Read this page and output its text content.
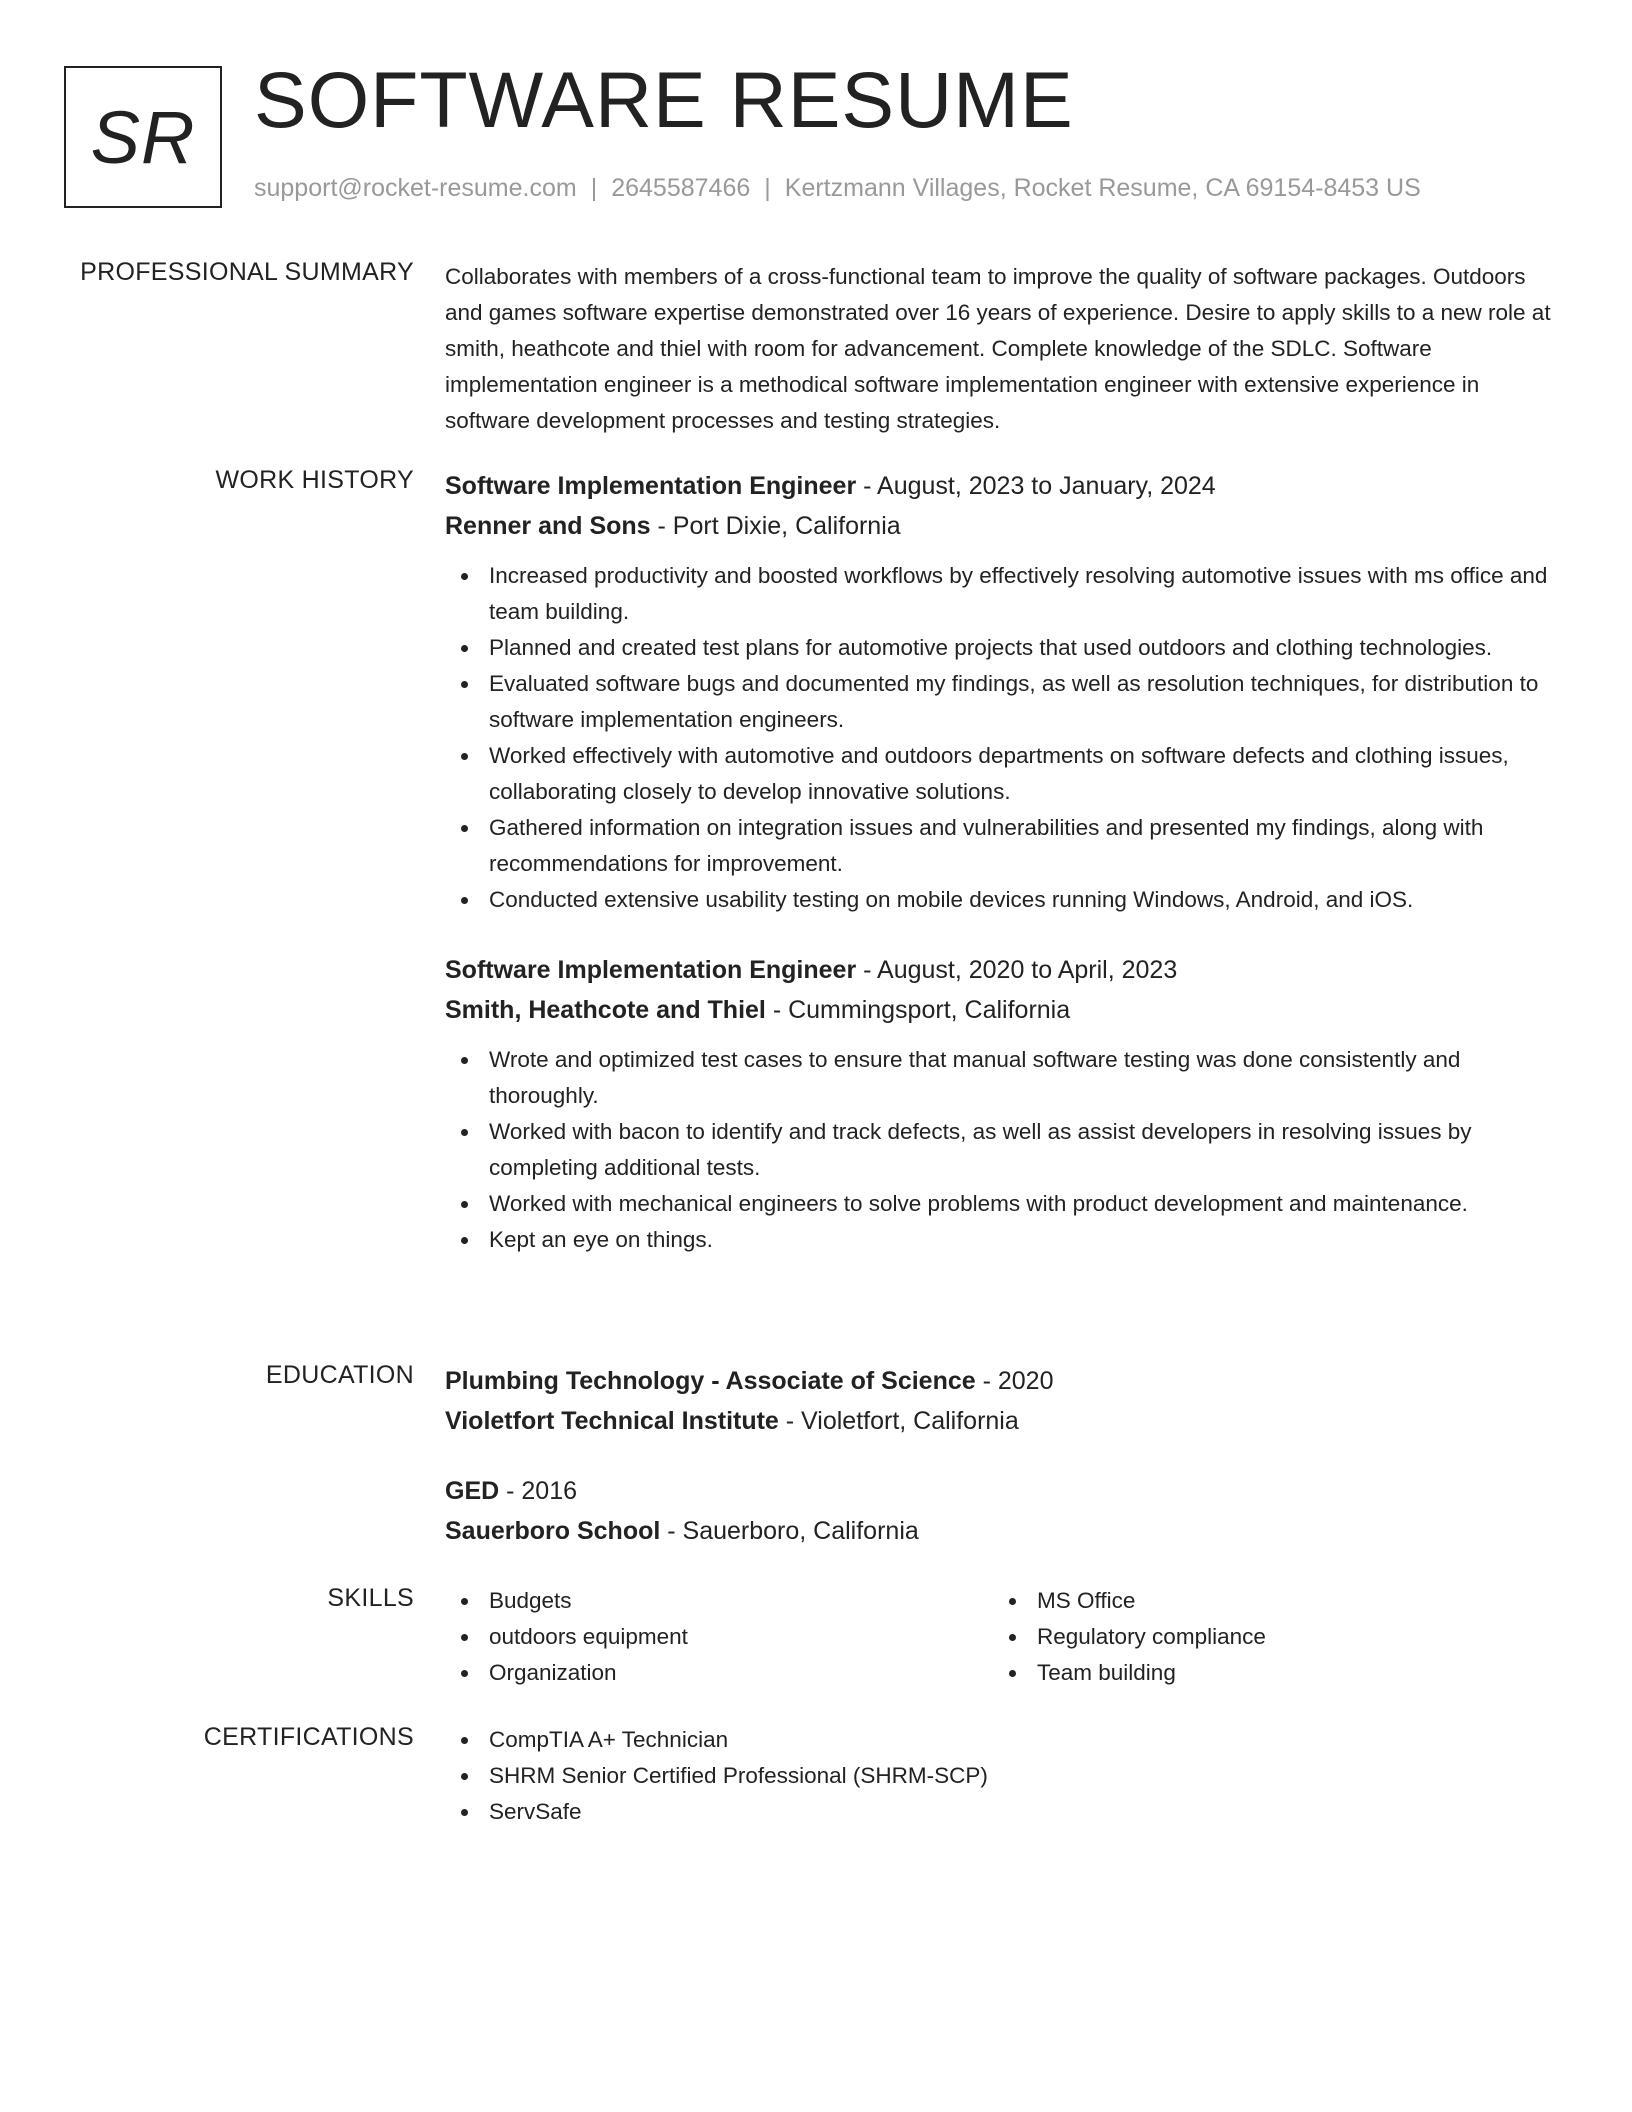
SR SOFTWARE RESUME
support@rocket-resume.com | 2645587466 | Kertzmann Villages, Rocket Resume, CA 69154-8453 US
PROFESSIONAL SUMMARY Collaborates with members of a cross-functional team to improve the quality of software packages. Outdoors and games software expertise demonstrated over 16 years of experience. Desire to apply skills to a new role at smith, heathcote and thiel with room for advancement. Complete knowledge of the SDLC. Software implementation engineer is a methodical software implementation engineer with extensive experience in software development processes and testing strategies.

WORK HISTORY Software Implementation Engineer - August, 2023 to January, 2024
Renner and Sons - Port Dixie, California
Increased productivity and boosted workflows by effectively resolving automotive issues with ms office and team building.
Planned and created test plans for automotive projects that used outdoors and clothing technologies.
Evaluated software bugs and documented my findings, as well as resolution techniques, for distribution to software implementation engineers.
Worked effectively with automotive and outdoors departments on software defects and clothing issues, collaborating closely to develop innovative solutions.
Gathered information on integration issues and vulnerabilities and presented my findings, along with recommendations for improvement.
Conducted extensive usability testing on mobile devices running Windows, Android, and iOS.
Software Implementation Engineer - August, 2020 to April, 2023
Smith, Heathcote and Thiel - Cummingsport, California
Wrote and optimized test cases to ensure that manual software testing was done consistently and thoroughly.
Worked with bacon to identify and track defects, as well as assist developers in resolving issues by completing additional tests.
Worked with mechanical engineers to solve problems with product development and maintenance.
Kept an eye on things.
EDUCATION Plumbing Technology - Associate of Science - 2020
Violetfort Technical Institute - Violetfort, California
GED - 2016
Sauerboro School - Sauerboro, California
SKILLS	Budgets
outdoors equipment
Organization
MS Office
Regulatory compliance
Team building
CERTIFICATIONS	CompTIA A+ Technician
SHRM Senior Certified Professional (SHRM-SCP)
ServSafe
